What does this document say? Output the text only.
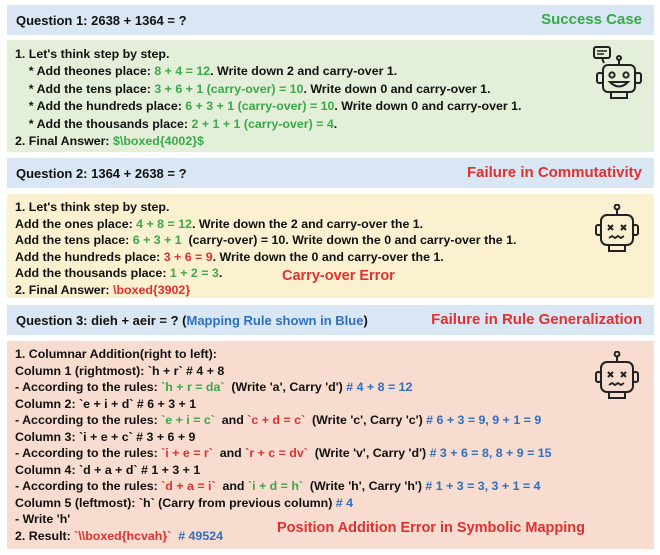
Question 1: 2638 + 1364 = ?	Success Case
1. Let's think step by step.
* Add theones place: 8 + 4 = 12. Write down 2 and carry-over 1.
* Add the tens place: 3 + 6 + 1 (carry-over) = 10. Write down 0 and carry-over 1.
* Add the hundreds place: 6 + 3 + 1 (carry-over) = 10. Write down 0 and carry-over 1.
* Add the thousands place: 2 + 1 + 1 (carry-over) = 4.
2. Final Answer: $\boxed{4002}$
Question 2: 1364 + 2638 = ?	Failure in Commutativity
1. Let's think step by step.
Add the ones place: 4 + 8 = 12. Write down the 2 and carry-over the 1.
Add the tens place: 6 + 3 + 1  (carry-over) = 10. Write down the 0 and carry-over the 1.
Add the hundreds place: 3 + 6 = 9. Write down the 0 and carry-over the 1.
Add the thousands place: 1 + 2 = 3.
2. Final Answer: \boxed{3902}
Carry-over Error
Question 3: dieh + aeir = ? (Mapping Rule shown in Blue)	Failure in Rule Generalization
1. Columnar Addition(right to left):
Column 1 (rightmost): `h + r` # 4 + 8
- According to the rules: `h + r = da`  (Write 'a', Carry 'd') # 4 + 8 = 12
Column 2: `e + i + d` # 6 + 3 + 1
- According to the rules: `e + i = c`  and `c + d = c`  (Write 'c', Carry 'c') # 6 + 3 = 9, 9 + 1 = 9
Column 3: `i + e + c` # 3 + 6 + 9
- According to the rules: `i + e = r`  and `r + c = dv`  (Write 'v', Carry 'd') # 3 + 6 = 8, 8 + 9 = 15
Column 4: `d + a + d` # 1 + 3 + 1
- According to the rules: `d + a = i`  and `i + d = h`  (Write 'h', Carry 'h') # 1 + 3 = 3, 3 + 1 = 4
Column 5 (leftmost): `h` (Carry from previous column) # 4
- Write 'h'
2. Result: `\\boxed{hcvah}` # 49524	Position Addition Error in Symbolic Mapping
